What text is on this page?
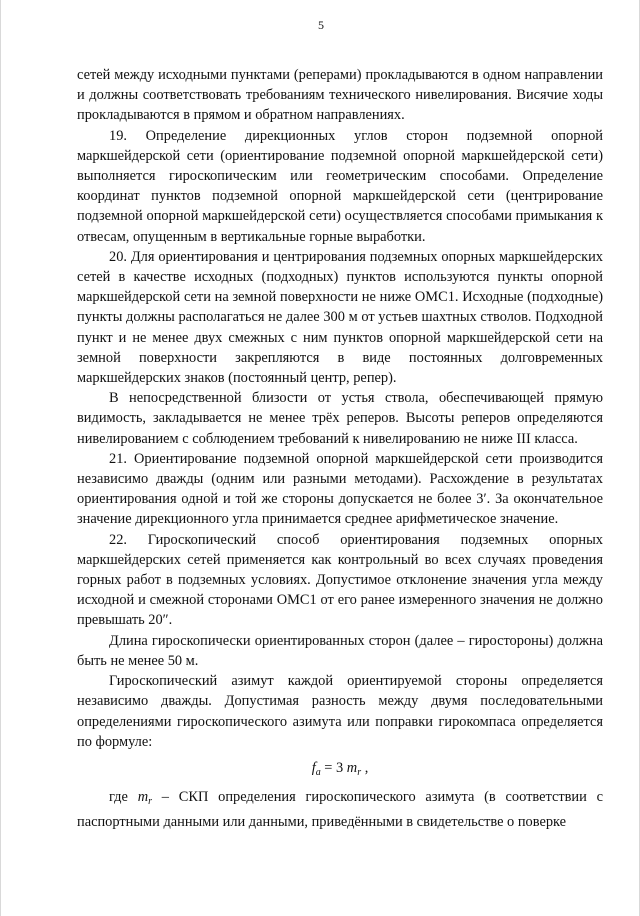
5

сетей между исходными пунктами (реперами) прокладываются в одном направлении и должны соответствовать требованиям технического нивелирования. Висячие ходы прокладываются в прямом и обратном направлениях.

19. Определение дирекционных углов сторон подземной опорной маркшейдерской сети (ориентирование подземной опорной маркшейдерской сети) выполняется гироскопическим или геометрическим способами. Определение координат пунктов подземной опорной маркшейдерской сети (центрирование подземной опорной маркшейдерской сети) осуществляется способами примыкания к отвесам, опущенным в вертикальные горные выработки.

20. Для ориентирования и центрирования подземных опорных маркшейдерских сетей в качестве исходных (подходных) пунктов используются пункты опорной маркшейдерской сети на земной поверхности не ниже ОМС1. Исходные (подходные) пункты должны располагаться не далее 300 м от устьев шахтных стволов. Подходной пункт и не менее двух смежных с ним пунктов опорной маркшейдерской сети на земной поверхности закрепляются в виде постоянных долговременных маркшейдерских знаков (постоянный центр, репер).

В непосредственной близости от устья ствола, обеспечивающей прямую видимость, закладывается не менее трёх реперов. Высоты реперов определяются нивелированием с соблюдением требований к нивелированию не ниже III класса.

21. Ориентирование подземной опорной маркшейдерской сети производится независимо дважды (одним или разными методами). Расхождение в результатах ориентирования одной и той же стороны допускается не более 3′. За окончательное значение дирекционного угла принимается среднее арифметическое значение.

22. Гироскопический способ ориентирования подземных опорных маркшейдерских сетей применяется как контрольный во всех случаях проведения горных работ в подземных условиях. Допустимое отклонение значения угла между исходной и смежной сторонами ОМС1 от его ранее измеренного значения не должно превышать 20″.

Длина гироскопически ориентированных сторон (далее – гиростороны) должна быть не менее 50 м.

Гироскопический азимут каждой ориентируемой стороны определяется независимо дважды. Допустимая разность между двумя последовательными определениями гироскопического азимута или поправки гирокомпаса определяется по формуле:

$f_a = 3$ $m_r$ ,

где $m_r$ – СКП определения гироскопического азимута (в соответствии с паспортными данными или данными, приведёнными в свидетельстве о поверке
